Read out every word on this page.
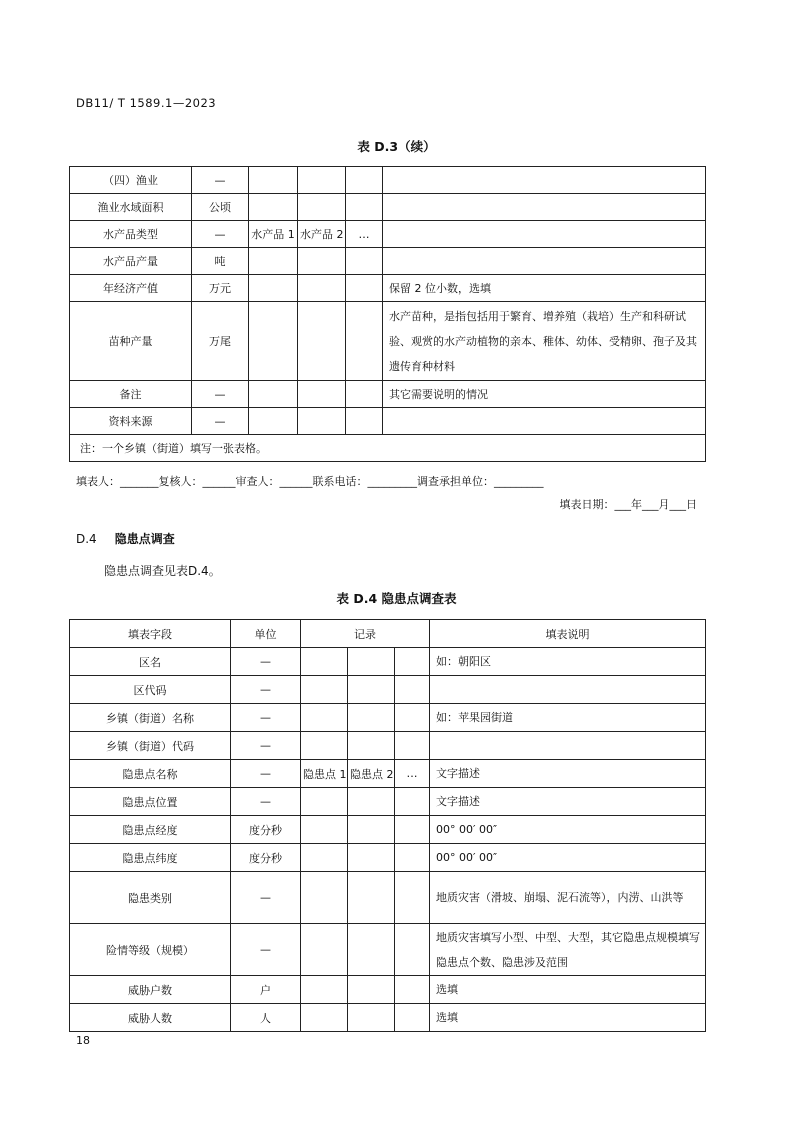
DB11/ T 1589.1—2023
表 D.3（续）
（四）渔业	—				
渔业水域面积	公顷				
水产品类型	—	水产品 1	水产品 2	…	
水产品产量	吨				
年经济产值	万元				保留 2 位小数，选填
苗种产量	万尾				水产苗种，是指包括用于繁育、增养殖（栽培）生产和科研试验、观赏的水产动植物的亲本、稚体、幼体、受精卵、孢子及其遗传育种材料
备注	—				其它需要说明的情况
资料来源	—				
注：一个乡镇（街道）填写一张表格。					
填表人：_______复核人：______审查人：______联系电话：_________调查承担单位：_________
填表日期：___年___月___日
D.4 隐患点调查
隐患点调查见表D.4。
表 D.4 隐患点调查表
填表字段	单位	记录			填表说明
区名	—				如：朝阳区
区代码	—				
乡镇（街道）名称	—				如：苹果园街道
乡镇（街道）代码	—				
隐患点名称	—	隐患点 1	隐患点 2	…	文字描述
隐患点位置	—				文字描述
隐患点经度	度分秒				00° 00′ 00″
隐患点纬度	度分秒				00° 00′ 00″
隐患类别	—				地质灾害（滑坡、崩塌、泥石流等），内涝、山洪等
险情等级（规模）	—				地质灾害填写小型、中型、大型，其它隐患点规模填写隐患点个数、隐患涉及范围
威胁户数	户				选填
威胁人数	人				选填
18
